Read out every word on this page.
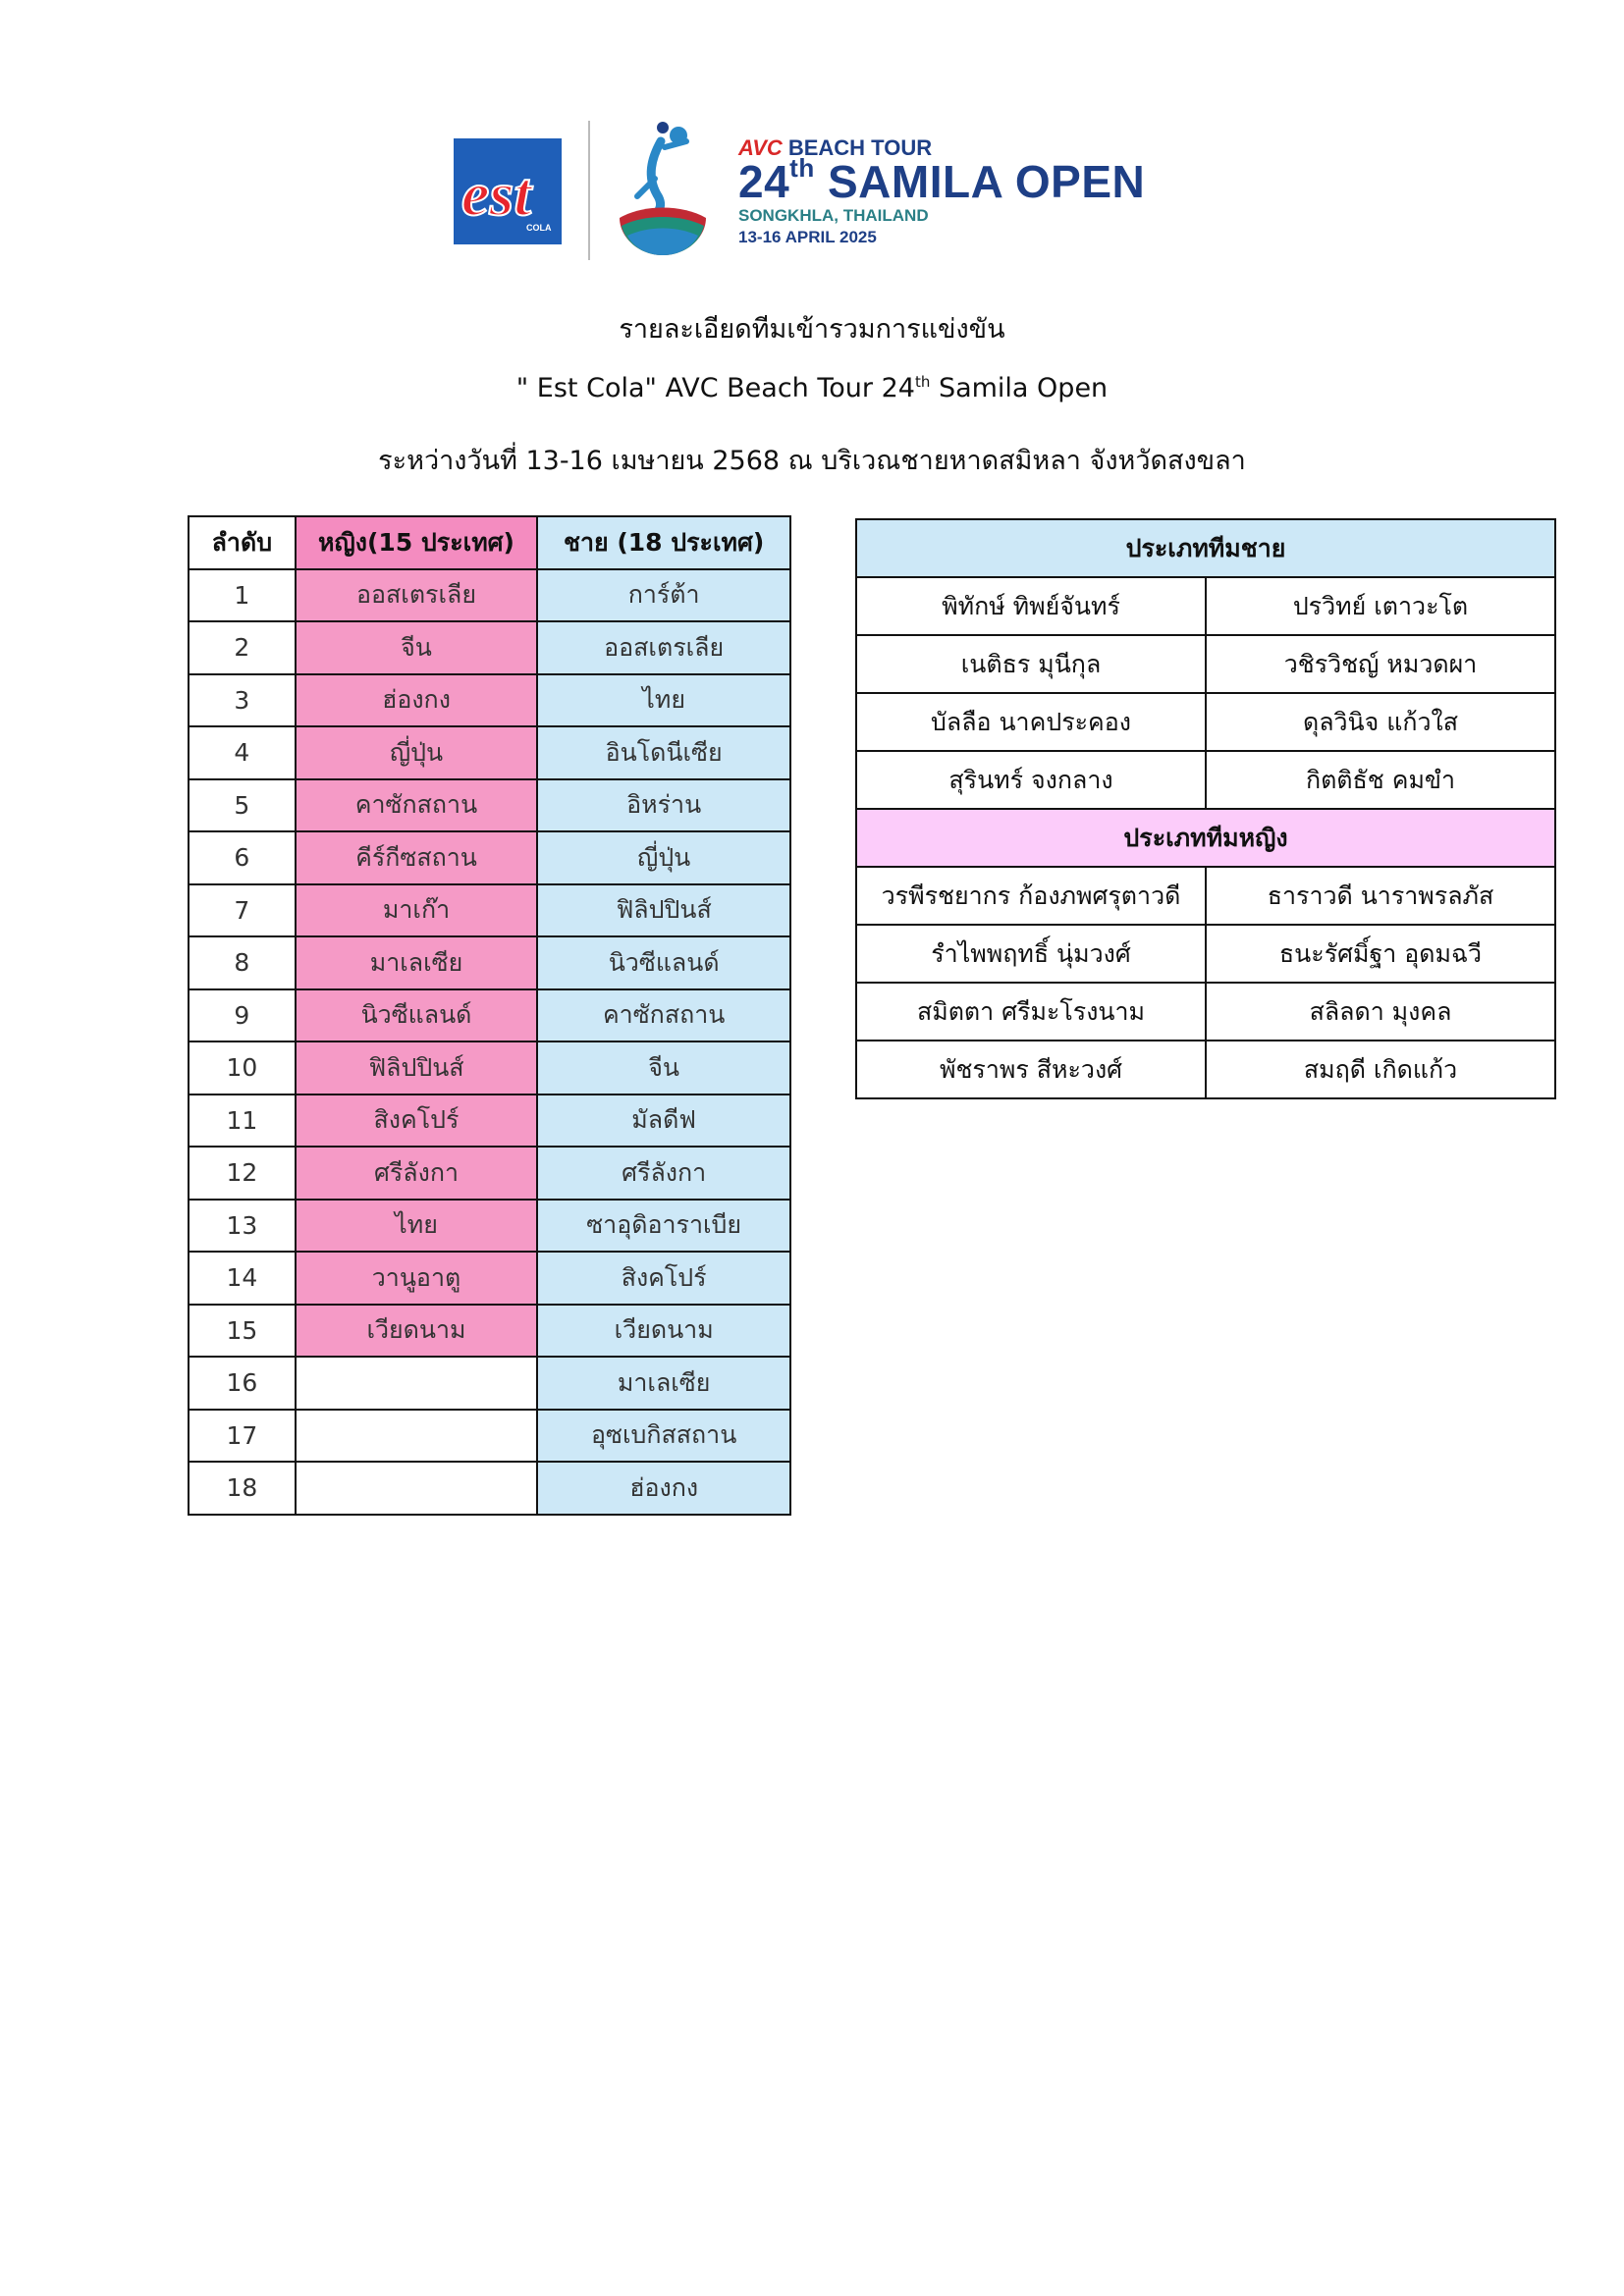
est
COLA
AVC BEACH TOUR
24th SAMILA OPEN
SONGKHLA, THAILAND
13-16 APRIL 2025
รายละเอียดทีมเข้ารวมการแข่งขัน
" Est Cola" AVC Beach Tour 24th Samila Open
ระหว่างวันที่ 13-16 เมษายน 2568 ณ บริเวณชายหาดสมิหลา จังหวัดสงขลา
ลำดับ	หญิง(15 ประเทศ)	ชาย (18 ประเทศ)
1	ออสเตรเลีย	การ์ต้า
2	จีน	ออสเตรเลีย
3	ฮ่องกง	ไทย
4	ญี่ปุ่น	อินโดนีเซีย
5	คาซักสถาน	อิหร่าน
6	คีร์กีซสถาน	ญี่ปุ่น
7	มาเก๊า	ฟิลิปปินส์
8	มาเลเซีย	นิวซีแลนด์
9	นิวซีแลนด์	คาซักสถาน
10	ฟิลิปปินส์	จีน
11	สิงคโปร์	มัลดีฟ
12	ศรีลังกา	ศรีลังกา
13	ไทย	ซาอุดิอาราเบีย
14	วานูอาตู	สิงคโปร์
15	เวียดนาม	เวียดนาม
16		มาเลเซีย
17		อุซเบกิสสถาน
18		ฮ่องกง
ประเภททีมชาย	
พิทักษ์ ทิพย์จันทร์	ปรวิทย์ เตาวะโต
เนติธร มุนีกุล	วชิรวิชญ์ หมวดผา
บัลลือ นาคประคอง	ดุลวินิจ แก้วใส
สุรินทร์ จงกลาง	กิตติธัช คมขำ
ประเภททีมหญิง	
วรพีรชยากร ก้องภพศรุตาวดี	ธาราวดี นาราพรลภัส
รำไพพฤทธิ์ นุ่มวงศ์	ธนะรัศมิ์ฐา อุดมฉวี
สมิตตา ศรีมะโรงนาม	สลิลดา มุงคล
พัชราพร สีหะวงศ์	สมฤดี เกิดแก้ว
